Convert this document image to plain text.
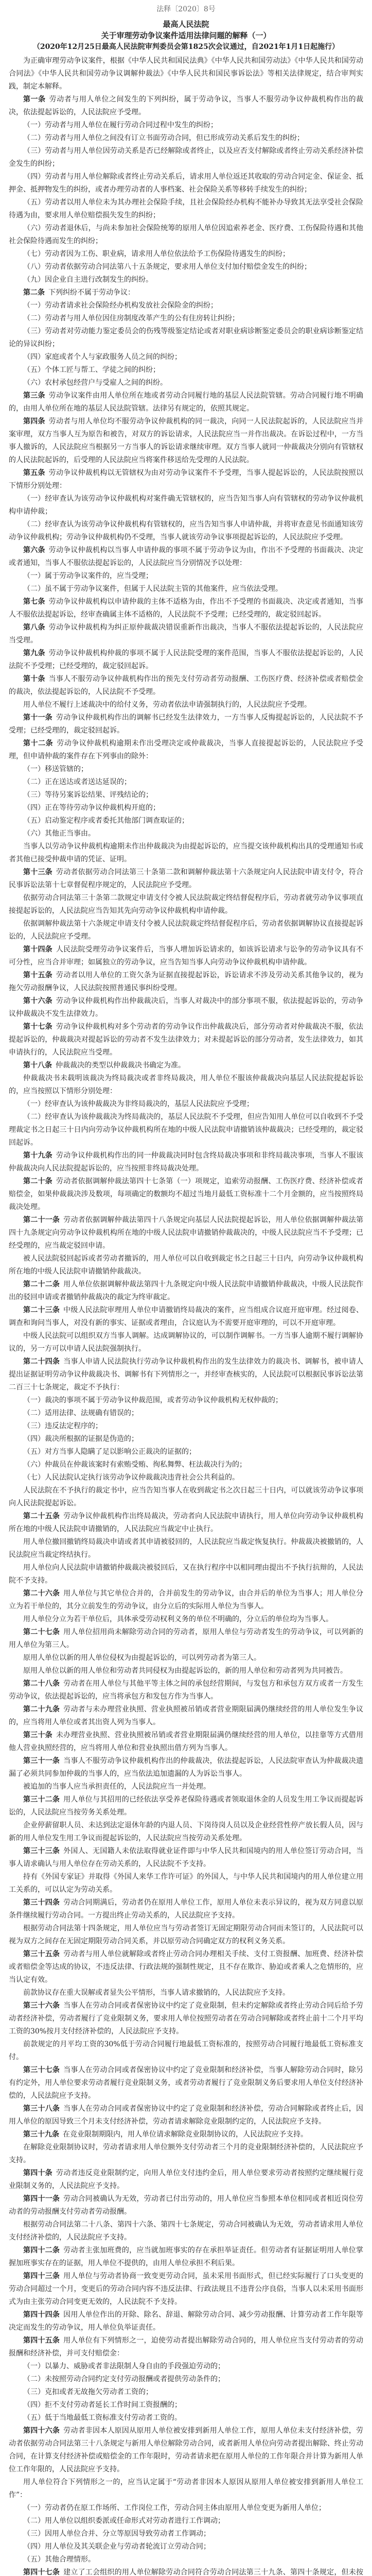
法释〔2020〕8号
最高人民法院
关于审理劳动争议案件适用法律问题的解释（一）
（2020年12月25日最高人民法院审判委员会第1825次会议通过，自2021年1月1日起施行）

为正确审理劳动争议案件，根据《中华人民共和国民法典》《中华人民共和国劳动法》《中华人民共和国劳动合同法》《中华人民共和国劳动争议调解仲裁法》《中华人民共和国民事诉讼法》等相关法律规定，结合审判实践，制定本解释。

第一条 劳动者与用人单位之间发生的下列纠纷，属于劳动争议，当事人不服劳动争议仲裁机构作出的裁决，依法提起诉讼的，人民法院应予受理。

（一）劳动者与用人单位在履行劳动合同过程中发生的纠纷；

（二）劳动者与用人单位之间没有订立书面劳动合同，但已形成劳动关系后发生的纠纷；

（三）劳动者与用人单位因劳动关系是否已经解除或者终止，以及应否支付解除或者终止劳动关系经济补偿金发生的纠纷；

（四）劳动者与用人单位解除或者终止劳动关系后，请求用人单位返还其收取的劳动合同定金、保证金、抵押金、抵押物发生的纠纷，或者办理劳动者的人事档案、社会保险关系等移转手续发生的纠纷；

（五）劳动者以用人单位未为其办理社会保险手续，且社会保险经办机构不能补办导致其无法享受社会保险待遇为由，要求用人单位赔偿损失发生的纠纷；

（六）劳动者退休后，与尚未参加社会保险统筹的原用人单位因追索养老金、医疗费、工伤保险待遇和其他社会保险待遇而发生的纠纷；

（七）劳动者因为工伤、职业病，请求用人单位依法给予工伤保险待遇发生的纠纷；

（八）劳动者依据劳动合同法第八十五条规定，要求用人单位支付加付赔偿金发生的纠纷；

（九）因企业自主进行改制发生的纠纷。

第二条 下列纠纷不属于劳动争议：

（一）劳动者请求社会保险经办机构发放社会保险金的纠纷；

（二）劳动者与用人单位因住房制度改革产生的公有住房转让纠纷；

（三）劳动者对劳动能力鉴定委员会的伤残等级鉴定结论或者对职业病诊断鉴定委员会的职业病诊断鉴定结论的异议纠纷；

（四）家庭或者个人与家政服务人员之间的纠纷；

（五）个体工匠与帮工、学徒之间的纠纷；

（六）农村承包经营户与受雇人之间的纠纷。

第三条 劳动争议案件由用人单位所在地或者劳动合同履行地的基层人民法院管辖。劳动合同履行地不明确的，由用人单位所在地的基层人民法院管辖。法律另有规定的，依照其规定。

第四条 劳动者与用人单位均不服劳动争议仲裁机构的同一裁决，向同一人民法院起诉的，人民法院应当并案审理，双方当事人互为原告和被告，对双方的诉讼请求，人民法院应当一并作出裁决。在诉讼过程中，一方当事人撤诉的，人民法院应当根据另一方当事人的诉讼请求继续审理。双方当事人就同一仲裁裁决分别向有管辖权的人民法院起诉的，后受理的人民法院应当将案件移送给先受理的人民法院。

第五条 劳动争议仲裁机构以无管辖权为由对劳动争议案件不予受理，当事人提起诉讼的，人民法院按照以下情形分别处理：

（一）经审查认为该劳动争议仲裁机构对案件确无管辖权的，应当告知当事人向有管辖权的劳动争议仲裁机构申请仲裁；

（二）经审查认为该劳动争议仲裁机构有管辖权的，应当告知当事人申请仲裁，并将审查意见书面通知该劳动争议仲裁机构；劳动争议仲裁机构仍不受理，当事人就该劳动争议事项提起诉讼的，人民法院应予受理。

第六条 劳动争议仲裁机构以当事人申请仲裁的事项不属于劳动争议为由，作出不予受理的书面裁决、决定或者通知，当事人不服依法提起诉讼的，人民法院应当分别情况予以处理：

（一）属于劳动争议案件的，应当受理；

（二）虽不属于劳动争议案件，但属于人民法院主管的其他案件，应当依法受理。

第七条 劳动争议仲裁机构以申请仲裁的主体不适格为由，作出不予受理的书面裁决、决定或者通知，当事人不服依法提起诉讼，经审查确属主体不适格的，人民法院不予受理；已经受理的，裁定驳回起诉。

第八条 劳动争议仲裁机构为纠正原仲裁裁决错误重新作出裁决，当事人不服依法提起诉讼的，人民法院应当受理。

第九条 劳动争议仲裁机构仲裁的事项不属于人民法院受理的案件范围，当事人不服依法提起诉讼的，人民法院不予受理；已经受理的，裁定驳回起诉。

第十条 当事人不服劳动争议仲裁机构作出的预先支付劳动者劳动报酬、工伤医疗费、经济补偿或者赔偿金的裁决，依法提起诉讼的，人民法院不予受理。

用人单位不履行上述裁决中的给付义务，劳动者依法申请强制执行的，人民法院应予受理。

第十一条 劳动争议仲裁机构作出的调解书已经发生法律效力，一方当事人反悔提起诉讼的，人民法院不予受理；已经受理的，裁定驳回起诉。

第十二条 劳动争议仲裁机构逾期未作出受理决定或仲裁裁决，当事人直接提起诉讼的，人民法院应予受理，但申请仲裁的案件存在下列事由的除外：

（一）移送管辖的；

（二）正在送达或者送达延误的；

（三）等待另案诉讼结果、评残结论的；

（四）正在等待劳动争议仲裁机构开庭的；

（五）启动鉴定程序或者委托其他部门调查取证的；

（六）其他正当事由。

当事人以劳动争议仲裁机构逾期未作出仲裁裁决为由提起诉讼的，应当提交该仲裁机构出具的受理通知书或者其他已接受仲裁申请的凭证、证明。

第十三条 劳动者依据劳动合同法第三十条第二款和调解仲裁法第十六条规定向人民法院申请支付令，符合民事诉讼法第十七章督促程序规定的，人民法院应予受理。

依据劳动合同法第三十条第二款规定申请支付令被人民法院裁定终结督促程序后，劳动者就劳动争议事项直接提起诉讼的，人民法院应当告知其先向劳动争议仲裁机构申请仲裁。

依据调解仲裁法第十六条规定申请支付令被人民法院裁定终结督促程序后，劳动者依据调解协议直接提起诉讼的，人民法院应予受理。

第十四条 人民法院受理劳动争议案件后，当事人增加诉讼请求的，如该诉讼请求与讼争的劳动争议具有不可分性，应当合并审理；如属独立的劳动争议，应当告知当事人向劳动争议仲裁机构申请仲裁。

第十五条 劳动者以用人单位的工资欠条为证据直接提起诉讼，诉讼请求不涉及劳动关系其他争议的，视为拖欠劳动报酬争议，人民法院按照普通民事纠纷受理。

第十六条 劳动争议仲裁机构作出仲裁裁决后，当事人对裁决中的部分事项不服，依法提起诉讼的，劳动争议仲裁裁决不发生法律效力。

第十七条 劳动争议仲裁机构对多个劳动者的劳动争议作出仲裁裁决后，部分劳动者对仲裁裁决不服，依法提起诉讼的，仲裁裁决对提起诉讼的劳动者不发生法律效力；对未提起诉讼的部分劳动者，发生法律效力，如其申请执行的，人民法院应当受理。

第十八条 仲裁裁决的类型以仲裁裁决书确定为准。

仲裁裁决书未载明该裁决为终局裁决或者非终局裁决，用人单位不服该仲裁裁决向基层人民法院提起诉讼的，应当按照以下情形分别处理：

（一）经审查认为该仲裁裁决为非终局裁决的，基层人民法院应予受理；

（二）经审查认为该仲裁裁决为终局裁决的，基层人民法院不予受理，但应告知用人单位可以自收到不予受理裁定书之日起三十日内向劳动争议仲裁机构所在地的中级人民法院申请撤销该仲裁裁决；已经受理的，裁定驳回起诉。

第十九条 劳动争议仲裁机构作出的同一仲裁裁决同时包含终局裁决事项和非终局裁决事项，当事人不服该仲裁裁决向人民法院提起诉讼的，应当按照非终局裁决处理。

第二十条 劳动者依据调解仲裁法第四十七条第（一）项规定，追索劳动报酬、工伤医疗费、经济补偿或者赔偿金，如果仲裁裁决涉及数项，每项确定的数额均不超过当地月最低工资标准十二个月金额的，应当按照终局裁决处理。

第二十一条 劳动者依据调解仲裁法第四十八条规定向基层人民法院提起诉讼，用人单位依据调解仲裁法第四十九条规定向劳动争议仲裁机构所在地的中级人民法院申请撤销仲裁裁决的，中级人民法院应当不予受理；已经受理的，应当裁定驳回申请。

被人民法院驳回起诉或者劳动者撤诉的，用人单位可以自收到裁定书之日起三十日内，向劳动争议仲裁机构所在地的中级人民法院申请撤销仲裁裁决。

第二十二条 用人单位依据调解仲裁法第四十九条规定向中级人民法院申请撤销仲裁裁决，中级人民法院作出的驳回申请或者撤销仲裁裁决的裁定为终审裁定。

第二十三条 中级人民法院审理用人单位申请撤销终局裁决的案件，应当组成合议庭开庭审理。经过阅卷、调查和询问当事人，对没有新的事实、证据或者理由，合议庭认为不需要开庭审理的，可以不开庭审理。

中级人民法院可以组织双方当事人调解。达成调解协议的，可以制作调解书。一方当事人逾期不履行调解协议的，另一方可以申请人民法院强制执行。

第二十四条 当事人申请人民法院执行劳动争议仲裁机构作出的发生法律效力的裁决书、调解书，被申请人提出证据证明劳动争议仲裁裁决书、调解书有下列情形之一，并经审查核实的，人民法院可以根据民事诉讼法第二百三十七条规定，裁定不予执行：

（一）裁决的事项不属于劳动争议仲裁范围，或者劳动争议仲裁机构无权仲裁的；

（二）适用法律、法规确有错误的；

（三）违反法定程序的；

（四）裁决所根据的证据是伪造的；

（五）对方当事人隐瞒了足以影响公正裁决的证据的；

（六）仲裁员在仲裁该案时有索贿受贿、徇私舞弊、枉法裁决行为的；

（七）人民法院认定执行该劳动争议仲裁裁决违背社会公共利益的。

人民法院在不予执行的裁定书中，应当告知当事人在收到裁定书之次日起三十日内，可以就该劳动争议事项向人民法院提起诉讼。

第二十五条 劳动争议仲裁机构作出终局裁决，劳动者向人民法院申请执行，用人单位向劳动争议仲裁机构所在地的中级人民法院申请撤销的，人民法院应当裁定中止执行。

用人单位撤回撤销终局裁决申请或者其申请被驳回的，人民法院应当裁定恢复执行。仲裁裁决被撤销的，人民法院应当裁定终结执行。

用人单位向人民法院申请撤销仲裁裁决被驳回后，又在执行程序中以相同理由提出不予执行抗辩的，人民法院不予支持。

第二十六条 用人单位与其它单位合并的，合并前发生的劳动争议，由合并后的单位为当事人；用人单位分立为若干单位的，其分立前发生的劳动争议，由分立后的实际用人单位为当事人。

用人单位分立为若干单位后，具体承受劳动权利义务的单位不明确的，分立后的单位均为当事人。

第二十七条 用人单位招用尚未解除劳动合同的劳动者，原用人单位与劳动者发生的劳动争议，可以列新的用人单位为第三人。

原用人单位以新的用人单位侵权为由提起诉讼的，可以列劳动者为第三人。

原用人单位以新的用人单位和劳动者共同侵权为由提起诉讼的，新的用人单位和劳动者列为共同被告。

第二十八条 劳动者在用人单位与其他平等主体之间的承包经营期间，与发包方和承包方双方或者一方发生劳动争议，依法提起诉讼的，应当将承包方和发包方作为当事人。

第二十九条 劳动者与未办理营业执照、营业执照被吊销或者营业期限届满仍继续经营的用人单位发生争议的，应当将用人单位或者其出资人列为当事人。

第三十条 未办理营业执照、营业执照被吊销或者营业期限届满仍继续经营的用人单位，以挂靠等方式借用他人营业执照经营的，应当将用人单位和营业执照出借方列为当事人。

第三十一条 当事人不服劳动争议仲裁机构作出的仲裁裁决，依法提起诉讼，人民法院审查认为仲裁裁决遗漏了必须共同参加仲裁的当事人的，应当依法追加遗漏的人为诉讼当事人。

被追加的当事人应当承担责任的，人民法院应当一并处理。

第三十二条 用人单位与其招用的已经依法享受养老保险待遇或者领取退休金的人员发生用工争议而提起诉讼的，人民法院应当按劳务关系处理。

企业停薪留职人员、未达到法定退休年龄的内退人员、下岗待岗人员以及企业经营性停产放长假人员，因与新的用人单位发生用工争议而提起诉讼的，人民法院应当按劳动关系处理。

第三十三条 外国人、无国籍人未依法取得就业证件即与中华人民共和国境内的用人单位签订劳动合同，当事人请求确认与用人单位存在劳动关系的，人民法院不予支持。

持有《外国专家证》并取得《外国人来华工作许可证》的外国人，与中华人民共和国境内的用人单位建立用工关系的，可以认定为劳动关系。

第三十四条 劳动合同期满后，劳动者仍在原用人单位工作，原用人单位未表示异议的，视为双方同意以原条件继续履行劳动合同。一方提出终止劳动关系的，人民法院应予支持。

根据劳动合同法第十四条规定，用人单位应当与劳动者签订无固定期限劳动合同而未签订的，人民法院可以视为双方之间存在无固定期限劳动合同关系，并以原劳动合同确定双方的权利义务关系。

第三十五条 劳动者与用人单位就解除或者终止劳动合同办理相关手续、支付工资报酬、加班费、经济补偿或者赔偿金等达成的协议，不违反法律、行政法规的强制性规定，且不存在欺诈、胁迫或者乘人之危情形的，应当认定有效。

前款协议存在重大误解或者显失公平情形，当事人请求撤销的，人民法院应予支持。

第三十六条 当事人在劳动合同或者保密协议中约定了竞业限制，但未约定解除或者终止劳动合同后给予劳动者经济补偿，劳动者履行了竞业限制义务，要求用人单位按照劳动者在劳动合同解除或者终止前十二个月平均工资的30%按月支付经济补偿的，人民法院应予支持。

前款规定的月平均工资的30%低于劳动合同履行地最低工资标准的，按照劳动合同履行地最低工资标准支付。

第三十七条 当事人在劳动合同或者保密协议中约定了竞业限制和经济补偿，当事人解除劳动合同时，除另有约定外，用人单位要求劳动者履行竞业限制义务，或者劳动者履行了竞业限制义务后要求用人单位支付经济补偿的，人民法院应予支持。

第三十八条 当事人在劳动合同或者保密协议中约定了竞业限制和经济补偿，劳动合同解除或者终止后，因用人单位的原因导致三个月未支付经济补偿，劳动者请求解除竞业限制约定的，人民法院应予支持。

第三十九条 在竞业限制期限内，用人单位请求解除竞业限制协议的，人民法院应予支持。

在解除竞业限制协议时，劳动者请求用人单位额外支付劳动者三个月的竞业限制经济补偿的，人民法院应予支持。

第四十条 劳动者违反竞业限制约定，向用人单位支付违约金后，用人单位要求劳动者按照约定继续履行竞业限制义务的，人民法院应予支持。

第四十一条 劳动合同被确认为无效，劳动者已付出劳动的，用人单位应当参照本单位相同或者相近岗位劳动者的劳动报酬支付劳动者劳动报酬。

根据劳动合同法第二十八条、第四十六条、第四十七条规定，劳动合同被确认为无效，劳动者请求用人单位支付经济补偿的，人民法院应予支持。

第四十二条 劳动者主张加班费的，应当就加班事实的存在承担举证责任。但劳动者有证据证明用人单位掌握加班事实存在的证据，用人单位不提供的，由用人单位承担不利后果。

第四十三条 用人单位与劳动者协商一致变更劳动合同，虽未采用书面形式，但已经实际履行了口头变更的劳动合同超过一个月，变更后的劳动合同内容不违反法律、行政法规且不违背公序良俗，当事人以未采用书面形式为由主张劳动合同变更无效的，人民法院不予支持。

第四十四条 因用人单位作出的开除、除名、辞退、解除劳动合同、减少劳动报酬、计算劳动者工作年限等决定而发生的劳动争议，用人单位负举证责任。

第四十五条 用人单位有下列情形之一，迫使劳动者提出解除劳动合同的，用人单位应当支付劳动者的劳动报酬和经济补偿，并可支付赔偿金：

（一）以暴力、威胁或者非法限制人身自由的手段强迫劳动的；

（二）未按照劳动合同约定支付劳动报酬或者提供劳动条件的；

（三）克扣或者无故拖欠劳动者工资的；

（四）拒不支付劳动者延长工作时间工资报酬的；

（五）低于当地最低工资标准支付劳动者工资的。

第四十六条 劳动者非因本人原因从原用人单位被安排到新用人单位工作，原用人单位未支付经济补偿，劳动者依据劳动合同法第三十八条规定与新用人单位解除劳动合同，或者新用人单位向劳动者提出解除、终止劳动合同，在计算支付经济补偿或赔偿金的工作年限时，劳动者请求把在原用人单位的工作年限合并计算为新用人单位工作年限的，人民法院应予支持。

用人单位符合下列情形之一的，应当认定属于“劳动者非因本人原因从原用人单位被安排到新用人单位工作”：

（一）劳动者仍在原工作场所、工作岗位工作，劳动合同主体由原用人单位变更为新用人单位；

（二）用人单位以组织委派或任命形式对劳动者进行工作调动；

（三）因用人单位合并、分立等原因导致劳动者工作调动；

（四）用人单位及其关联企业与劳动者轮流订立劳动合同；

（五）其他合理情形。

第四十七条 建立了工会组织的用人单位解除劳动合同符合劳动合同法第三十九条、第四十条规定，但未按
